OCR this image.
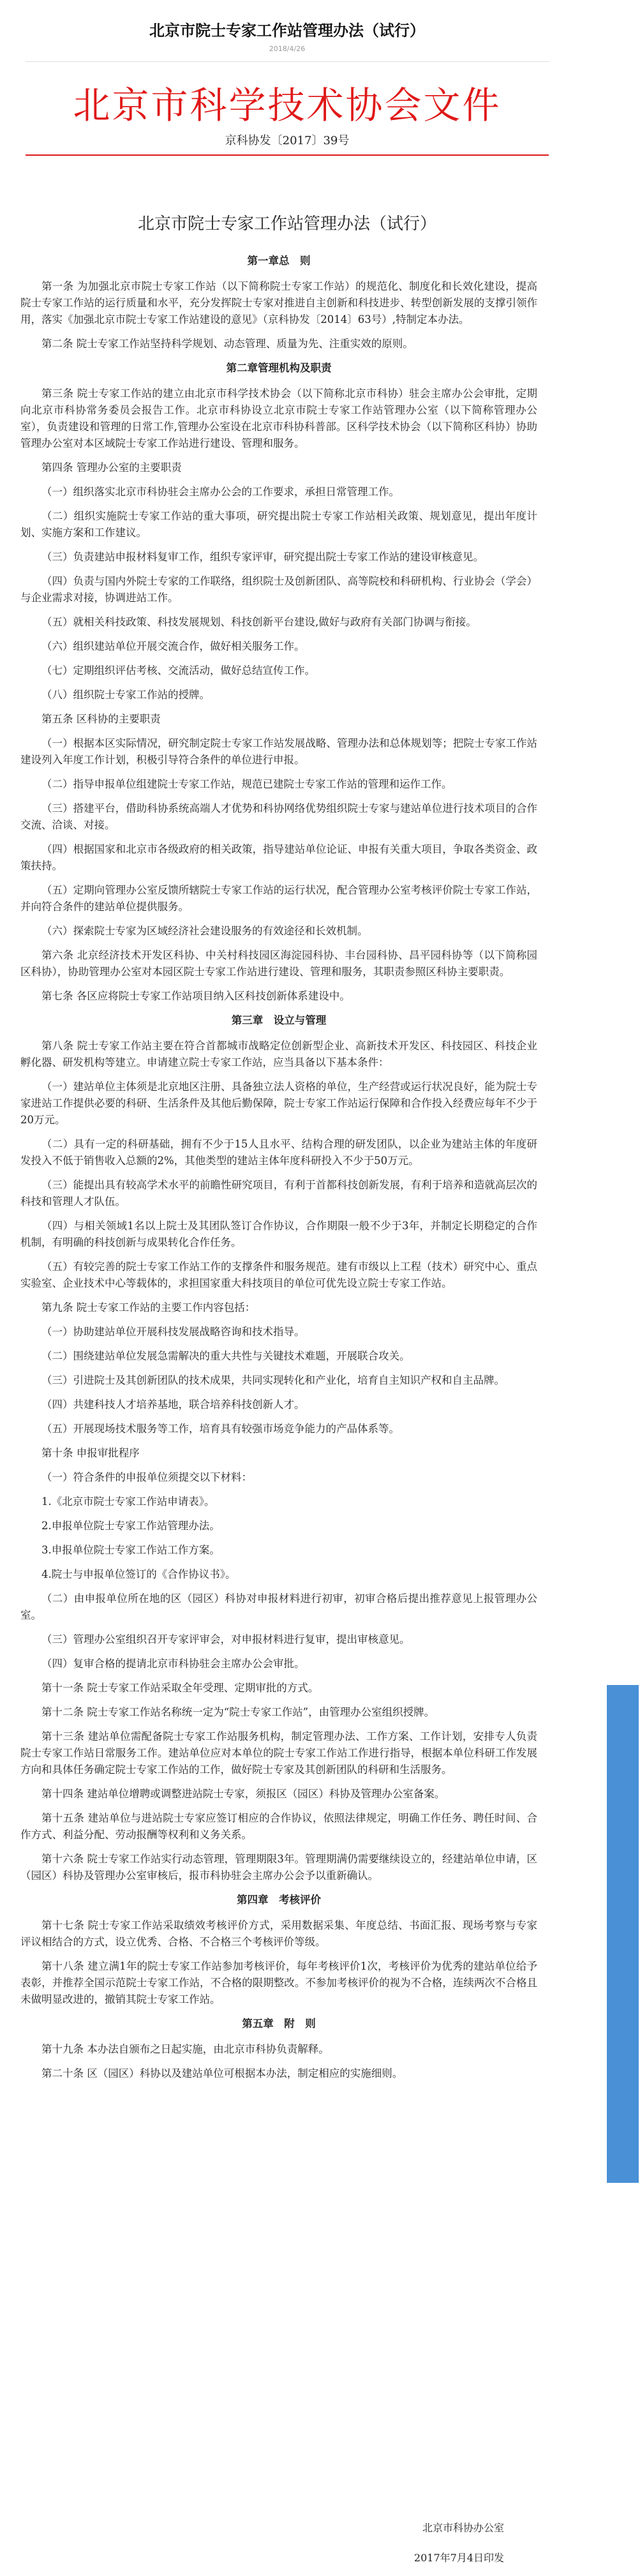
北京市院士专家工作站管理办法（试行）
2018/4/26
北京市科学技术协会文件
京科协发〔2017〕39号
北京市院士专家工作站管理办法（试行）

第一章总　则

第一条 为加强北京市院士专家工作站（以下简称院士专家工作站）的规范化、制度化和长效化建设，提高院士专家工作站的运行质量和水平，充分发挥院士专家对推进自主创新和科技进步、转型创新发展的支撑引领作用，落实《加强北京市院士专家工作站建设的意见》（京科协发〔2014〕63号）,特制定本办法。

第二条 院士专家工作站坚持科学规划、动态管理、质量为先、注重实效的原则。

第二章管理机构及职责

第三条 院士专家工作站的建立由北京市科学技术协会（以下简称北京市科协）驻会主席办公会审批，定期向北京市科协常务委员会报告工作。北京市科协设立北京市院士专家工作站管理办公室（以下简称管理办公室），负责建设和管理的日常工作,管理办公室设在北京市科协科普部。区科学技术协会（以下简称区科协）协助管理办公室对本区域院士专家工作站进行建设、管理和服务。

第四条 管理办公室的主要职责

（一）组织落实北京市科协驻会主席办公会的工作要求，承担日常管理工作。

（二）组织实施院士专家工作站的重大事项，研究提出院士专家工作站相关政策、规划意见，提出年度计划、实施方案和工作建议。

（三）负责建站申报材料复审工作，组织专家评审，研究提出院士专家工作站的建设审核意见。

（四）负责与国内外院士专家的工作联络，组织院士及创新团队、高等院校和科研机构、行业协会（学会）与企业需求对接，协调进站工作。

（五）就相关科技政策、科技发展规划、科技创新平台建设,做好与政府有关部门协调与衔接。

（六）组织建站单位开展交流合作，做好相关服务工作。

（七）定期组织评估考核、交流活动，做好总结宣传工作。

（八）组织院士专家工作站的授牌。

第五条 区科协的主要职责

（一）根据本区实际情况，研究制定院士专家工作站发展战略、管理办法和总体规划等；把院士专家工作站建设列入年度工作计划，积极引导符合条件的单位进行申报。

（二）指导申报单位组建院士专家工作站，规范已建院士专家工作站的管理和运作工作。

（三）搭建平台，借助科协系统高端人才优势和科协网络优势组织院士专家与建站单位进行技术项目的合作交流、洽谈、对接。

（四）根据国家和北京市各级政府的相关政策，指导建站单位论证、申报有关重大项目，争取各类资金、政策扶持。

（五）定期向管理办公室反馈所辖院士专家工作站的运行状况，配合管理办公室考核评价院士专家工作站，并向符合条件的建站单位提供服务。

（六）探索院士专家为区域经济社会建设服务的有效途径和长效机制。

第六条 北京经济技术开发区科协、中关村科技园区海淀园科协、丰台园科协、昌平园科协等（以下简称园区科协），协助管理办公室对本园区院士专家工作站进行建设、管理和服务，其职责参照区科协主要职责。

第七条 各区应将院士专家工作站项目纳入区科技创新体系建设中。

第三章　设立与管理

第八条 院士专家工作站主要在符合首都城市战略定位创新型企业、高新技术开发区、科技园区、科技企业孵化器、研发机构等建立。申请建立院士专家工作站，应当具备以下基本条件：

（一）建站单位主体须是北京地区注册、具备独立法人资格的单位，生产经营或运行状况良好，能为院士专家进站工作提供必要的科研、生活条件及其他后勤保障，院士专家工作站运行保障和合作投入经费应每年不少于20万元。

（二）具有一定的科研基础，拥有不少于15人且水平、结构合理的研发团队，以企业为建站主体的年度研发投入不低于销售收入总额的2%，其他类型的建站主体年度科研投入不少于50万元。

（三）能提出具有较高学术水平的前瞻性研究项目，有利于首都科技创新发展，有利于培养和造就高层次的科技和管理人才队伍。

（四）与相关领域1名以上院士及其团队签订合作协议，合作期限一般不少于3年，并制定长期稳定的合作机制，有明确的科技创新与成果转化合作任务。

（五）有较完善的院士专家工作站工作的支撑条件和服务规范。建有市级以上工程（技术）研究中心、重点实验室、企业技术中心等载体的，求担国家重大科技项目的单位可优先设立院士专家工作站。

第九条 院士专家工作站的主要工作内容包括：

（一）协助建站单位开展科技发展战略咨询和技术指导。

（二）围绕建站单位发展急需解决的重大共性与关键技术难题，开展联合攻关。

（三）引进院士及其创新团队的技术成果，共同实现转化和产业化，培育自主知识产权和自主品牌。

（四）共建科技人才培养基地，联合培养科技创新人才。

（五）开展现场技术服务等工作，培育具有较强市场竞争能力的产品体系等。

第十条 申报审批程序

（一）符合条件的申报单位须提交以下材料：

1.《北京市院士专家工作站申请表》。

2.申报单位院士专家工作站管理办法。

3.申报单位院士专家工作站工作方案。

4.院士与申报单位签订的《合作协议书》。

（二）由申报单位所在地的区（园区）科协对申报材料进行初审，初审合格后提出推荐意见上报管理办公室。

（三）管理办公室组织召开专家评审会，对申报材料进行复审，提出审核意见。

（四）复审合格的提请北京市科协驻会主席办公会审批。

第十一条 院士专家工作站采取全年受理、定期审批的方式。

第十二条 院士专家工作站名称统一定为“院士专家工作站”，由管理办公室组织授牌。

第十三条 建站单位需配备院士专家工作站服务机构，制定管理办法、工作方案、工作计划，安排专人负责院士专家工作站日常服务工作。建站单位应对本单位的院士专家工作站工作进行指导，根据本单位科研工作发展方向和具体任务确定院士专家工作站的工作，做好院士专家及其创新团队的科研和生活服务。

第十四条 建站单位增聘或调整进站院士专家，须报区（园区）科协及管理办公室备案。

第十五条 建站单位与进站院士专家应签订相应的合作协议，依照法律规定，明确工作任务、聘任时间、合作方式、利益分配、劳动报酬等权利和义务关系。

第十六条 院士专家工作站实行动态管理，管理期限3年。管理期满仍需要继续设立的，经建站单位申请，区（园区）科协及管理办公室审核后，报市科协驻会主席办公会予以重新确认。

第四章　考核评价

第十七条 院士专家工作站采取绩效考核评价方式，采用数据采集、年度总结、书面汇报、现场考察与专家评议相结合的方式，设立优秀、合格、不合格三个考核评价等级。

第十八条 建立满1年的院士专家工作站参加考核评价，每年考核评价1次，考核评价为优秀的建站单位给予表彰，并推荐全国示范院士专家工作站，不合格的限期整改。不参加考核评价的视为不合格，连续两次不合格且未做明显改进的，撤销其院士专家工作站。

第五章　附　则

第十九条 本办法自颁布之日起实施，由北京市科协负责解释。

第二十条 区（园区）科协以及建站单位可根据本办法，制定相应的实施细则。

北京市科协办公室
2017年7月4日印发
